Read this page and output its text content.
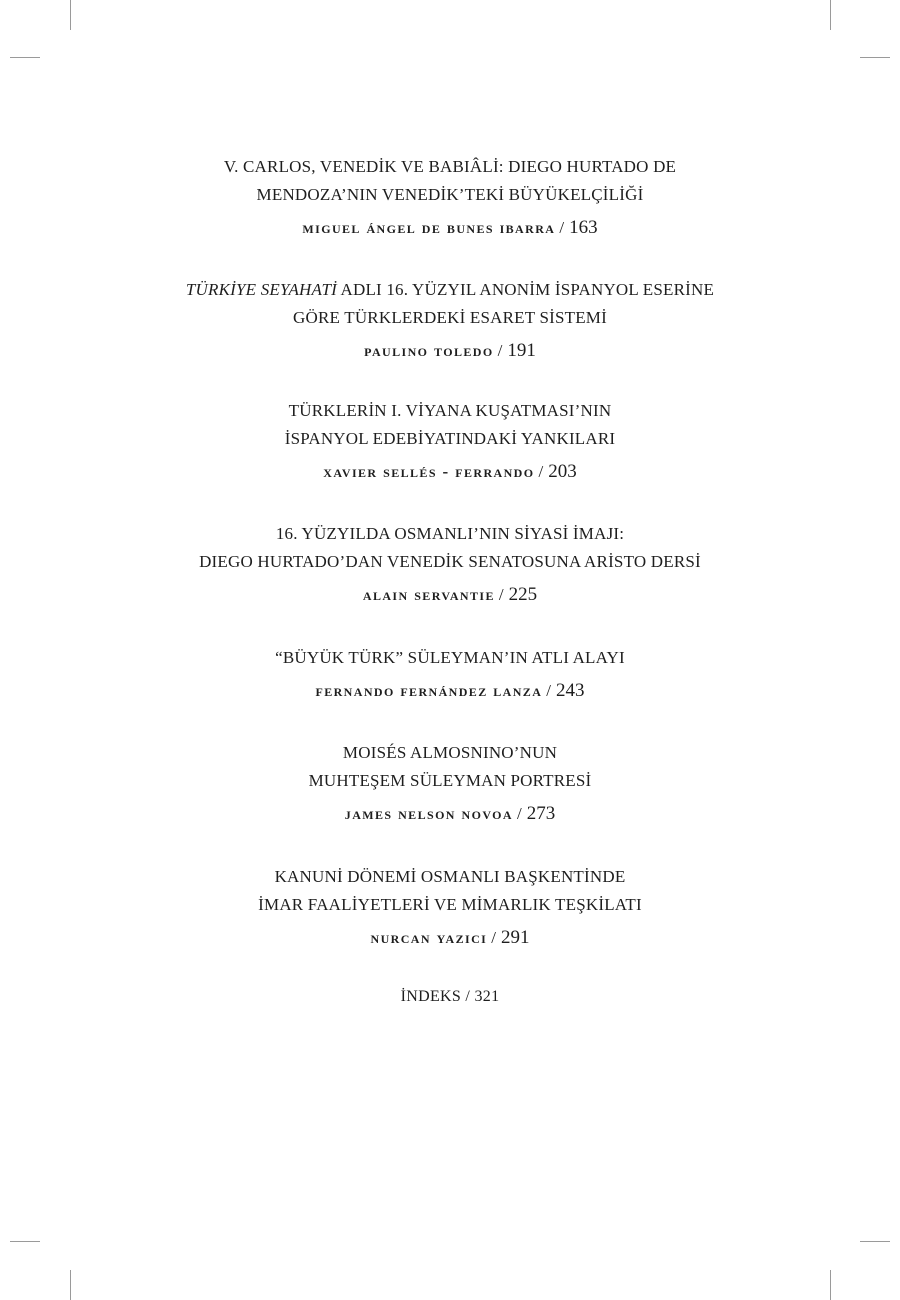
V. CARLOS, VENEDİK VE BABIÂLİ: DIEGO HURTADO DE
MENDOZA’NIN VENEDİK’TEKİ BÜYÜKELÇİLİĞİ
miguel ángel de bunes ibarra / 163
TÜRKİYE SEYAHATİ ADLI 16. YÜZYIL ANONİM İSPANYOL ESERİNE
GÖRE TÜRKLERDEKİ ESARET SİSTEMİ
paulino toledo / 191
TÜRKLERİN I. VİYANA KUŞATMASI’NIN
İSPANYOL EDEBİYATINDAKİ YANKILARI
xavier sellés - ferrando / 203
16. YÜZYILDA OSMANLI’NIN SİYASİ İMAJI:
DIEGO HURTADO’DAN VENEDİK SENATOSUNA ARİSTO DERSİ
alain servantie / 225
“BÜYÜK TÜRK” SÜLEYMAN’IN ATLI ALAYI
fernando fernández lanza / 243
MOISÉS ALMOSNINO’NUN
MUHTEŞEM SÜLEYMAN PORTRESİ
james nelson novoa / 273
KANUNİ DÖNEMİ OSMANLI BAŞKENTİNDE
İMAR FAALİYETLERİ VE MİMARLIK TEŞKİLATI
nurcan yazici / 291
İNDEKS / 321
